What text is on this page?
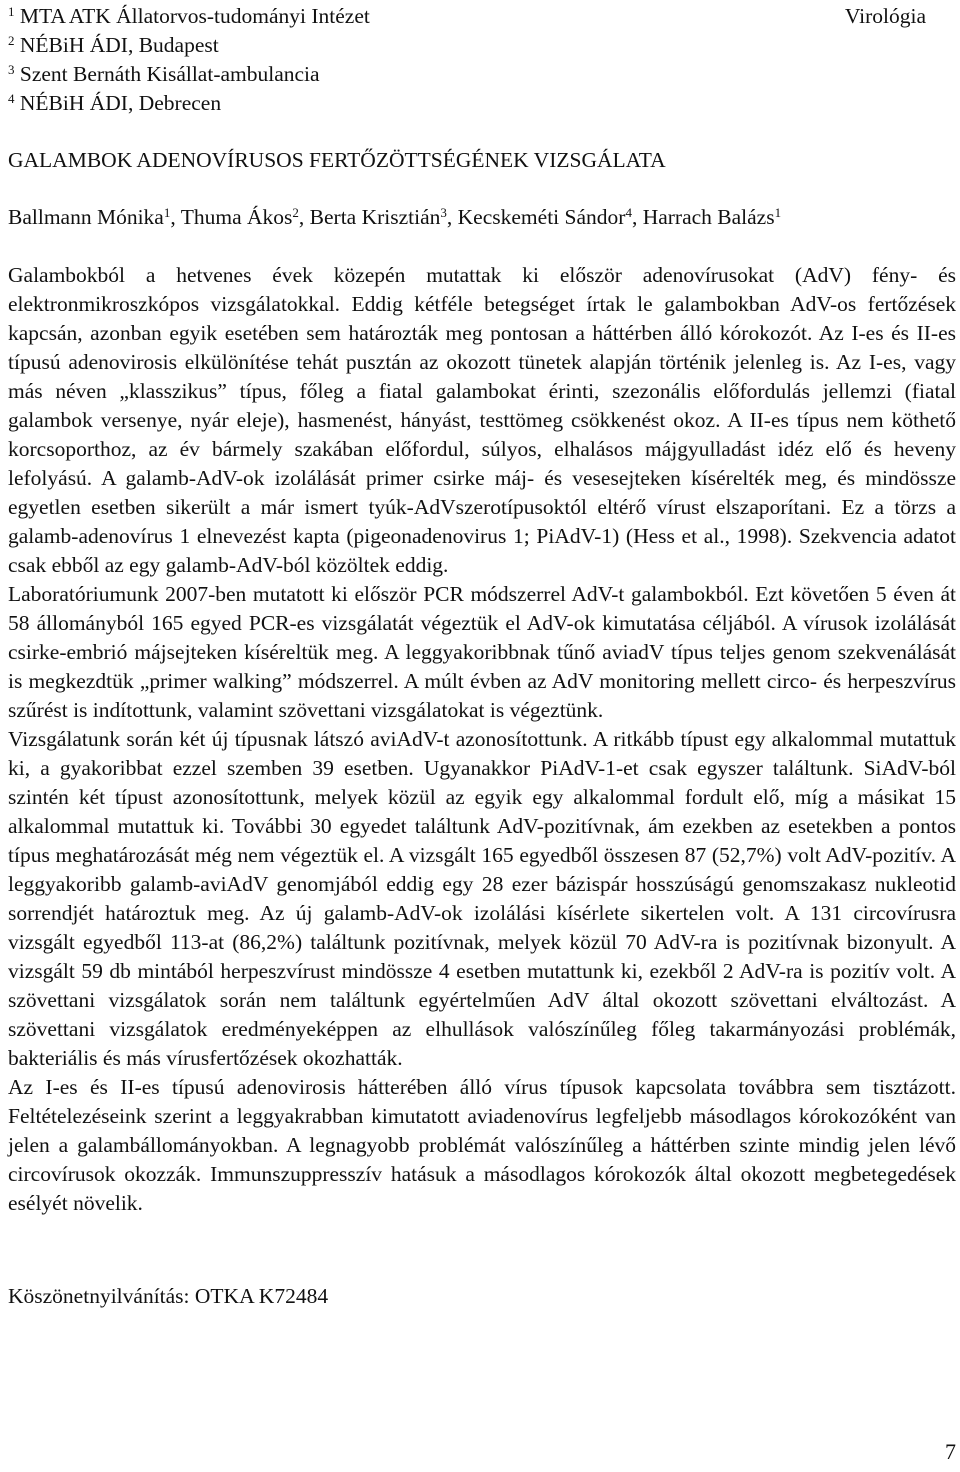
$^1$ MTA ATK Állatorvos-tudományi Intézet
$^2$ NÉBiH ÁDI, Budapest
$^3$ Szent Bernáth Kisállat-ambulancia
$^4$ NÉBiH ÁDI, Debrecen
Virológia
GALAMBOK ADENOVÍRUSOS FERTŐZÖTTSÉGÉNEK VIZSGÁLATA
Ballmann Mónika$^1$, Thuma Ákos$^2$, Berta Krisztián$^3$, Kecskeméti Sándor$^4$, Harrach Balázs$^1$

Galambokból a hetvenes évek közepén mutattak ki először adenovírusokat (AdV) fény- és elektronmikroszkópos vizsgálatokkal. Eddig kétféle betegséget írtak le galambokban AdV-os fertőzések kapcsán, azonban egyik esetében sem határozták meg pontosan a háttérben álló kórokozót. Az I-es és II-es típusú adenovirosis elkülönítése tehát pusztán az okozott tünetek alapján történik jelenleg is. Az I-es, vagy más néven „klasszikus” típus, főleg a fiatal galambokat érinti, szezonális előfordulás jellemzi (fiatal galambok versenye, nyár eleje), hasmenést, hányást, testtömeg csökkenést okoz. A II-es típus nem köthető korcsoporthoz, az év bármely szakában előfordul, súlyos, elhalásos májgyulladást idéz elő és heveny lefolyású. A galamb-AdV-ok izolálását primer csirke máj- és vesesejteken kísérelték meg, és mindössze egyetlen esetben sikerült a már ismert tyúk-AdVszerotípusoktól eltérő vírust elszaporítani. Ez a törzs a galamb-adenovírus 1 elnevezést kapta (pigeonadenovirus 1; PiAdV-1) (Hess et al., 1998). Szekvencia adatot csak ebből az egy galamb-AdV-ból közöltek eddig.

Laboratóriumunk 2007-ben mutatott ki először PCR módszerrel AdV-t galambokból. Ezt követően 5 éven át 58 állományból 165 egyed PCR-es vizsgálatát végeztük el AdV-ok kimutatása céljából. A vírusok izolálását csirke-embrió májsejteken kíséreltük meg. A leggyakoribbnak tűnő aviadV típus teljes genom szekvenálását is megkezdtük „primer walking” módszerrel. A múlt évben az AdV monitoring mellett circo- és herpeszvírus szűrést is indítottunk, valamint szövettani vizsgálatokat is végeztünk.

Vizsgálatunk során két új típusnak látszó aviAdV-t azonosítottunk. A ritkább típust egy alkalommal mutattuk ki, a gyakoribbat ezzel szemben 39 esetben. Ugyanakkor PiAdV-1-et csak egyszer találtunk. SiAdV-ból szintén két típust azonosítottunk, melyek közül az egyik egy alkalommal fordult elő, míg a másikat 15 alkalommal mutattuk ki. További 30 egyedet találtunk AdV-pozitívnak, ám ezekben az esetekben a pontos típus meghatározását még nem végeztük el. A vizsgált 165 egyedből összesen 87 (52,7%) volt AdV-pozitív. A leggyakoribb galamb-aviAdV genomjából eddig egy 28 ezer bázispár hosszúságú genomszakasz nukleotid sorrendjét határoztuk meg. Az új galamb-AdV-ok izolálási kísérlete sikertelen volt. A 131 circovírusra vizsgált egyedből 113-at (86,2%) találtunk pozitívnak, melyek közül 70 AdV-ra is pozitívnak bizonyult. A vizsgált 59 db mintából herpeszvírust mindössze 4 esetben mutattunk ki, ezekből 2 AdV-ra is pozitív volt. A szövettani vizsgálatok során nem találtunk egyértelműen AdV által okozott szövettani elváltozást. A szövettani vizsgálatok eredményeképpen az elhullások valószínűleg főleg takarmányozási problémák, bakteriális és más vírusfertőzések okozhatták.

Az I-es és II-es típusú adenovirosis hátterében álló vírus típusok kapcsolata továbbra sem tisztázott. Feltételezéseink szerint a leggyakrabban kimutatott aviadenovírus legfeljebb másodlagos kórokozóként van jelen a galambállományokban. A legnagyobb problémát valószínűleg a háttérben szinte mindig jelen lévő circovírusok okozzák. Immunszuppresszív hatásuk a másodlagos kórokozók által okozott megbetegedések esélyét növelik.

Köszönetnyilvánítás: OTKA K72484
7
